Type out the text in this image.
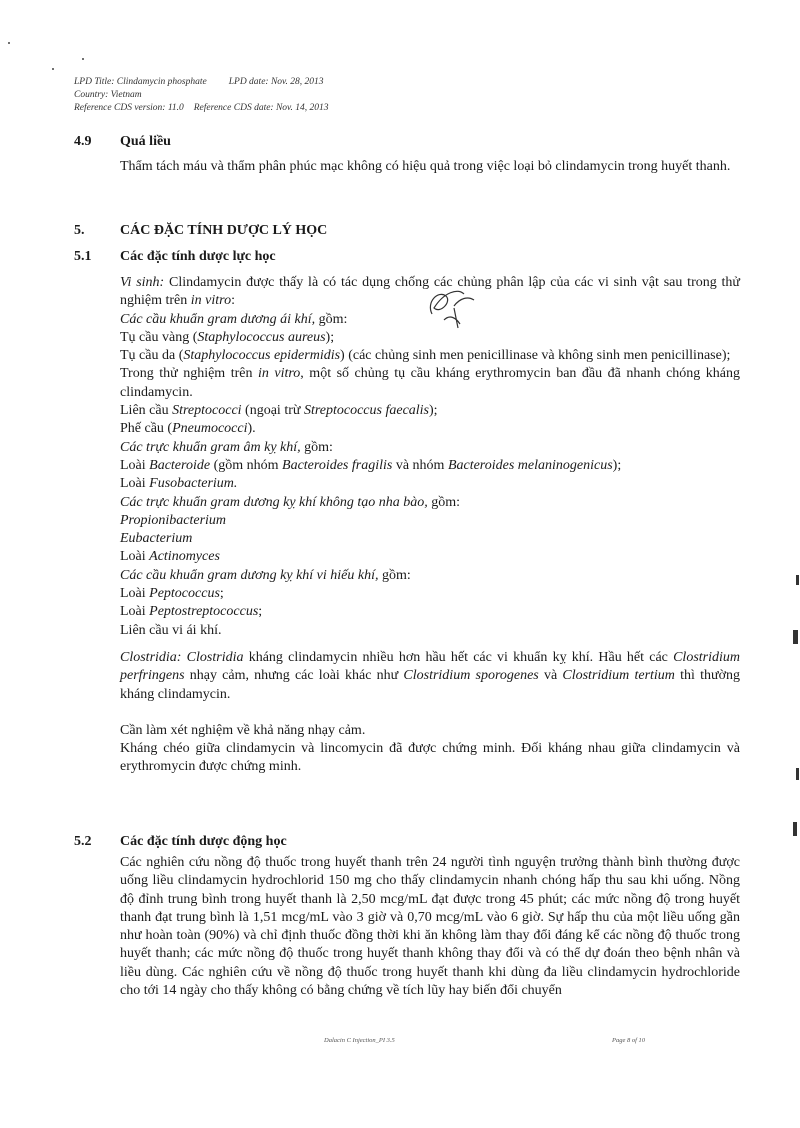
LPD Title: Clindamycin phosphate LPD date: Nov. 28, 2013
Country: Vietnam
Reference CDS version: 11.0 Reference CDS date: Nov. 14, 2013
4.9 Quá liều

Thẩm tách máu và thẩm phân phúc mạc không có hiệu quả trong việc loại bỏ clindamycin trong huyết thanh.

5.	CÁC ĐẶC TÍNH DƯỢC LÝ HỌC
5.1 Các đặc tính dược lực học

Vi sinh: Clindamycin được thấy là có tác dụng chống các chủng phân lập của các vi sinh vật sau trong thử nghiệm trên in vitro:

Các cầu khuẩn gram dương ái khí, gồm:

Tụ cầu vàng (Staphylococcus aureus);

Tụ cầu da (Staphylococcus epidermidis) (các chủng sinh men penicillinase và không sinh men penicillinase);

Trong thử nghiệm trên in vitro, một số chủng tụ cầu kháng erythromycin ban đầu đã nhanh chóng kháng clindamycin.

Liên cầu Streptococci (ngoại trừ Streptococcus faecalis);

Phế cầu (Pneumococci).

Các trực khuẩn gram âm kỵ khí, gồm:

Loài Bacteroide (gồm nhóm Bacteroides fragilis và nhóm Bacteroides melaninogenicus);

Loài Fusobacterium.

Các trực khuẩn gram dương kỵ khí không tạo nha bào, gồm:

Propionibacterium

Eubacterium

Loài Actinomyces

Các cầu khuẩn gram dương kỵ khí vi hiếu khí, gồm:

Loài Peptococcus;

Loài Peptostreptococcus;

Liên cầu vi ái khí.

Clostridia: Clostridia kháng clindamycin nhiều hơn hầu hết các vi khuẩn kỵ khí. Hầu hết các Clostridium perfringens nhạy cảm, nhưng các loài khác như Clostridium sporogenes và Clostridium tertium thì thường kháng clindamycin.

Cần làm xét nghiệm về khả năng nhạy cảm.

Kháng chéo giữa clindamycin và lincomycin đã được chứng minh. Đối kháng nhau giữa clindamycin và erythromycin được chứng minh.

5.2 Các đặc tính dược động học

Các nghiên cứu nồng độ thuốc trong huyết thanh trên 24 người tình nguyện trưởng thành bình thường được uống liều clindamycin hydrochlorid 150 mg cho thấy clindamycin nhanh chóng hấp thu sau khi uống. Nồng độ đỉnh trung bình trong huyết thanh là 2,50 mcg/mL đạt được trong 45 phút; các mức nồng độ trong huyết thanh đạt trung bình là 1,51 mcg/mL vào 3 giờ và 0,70 mcg/mL vào 6 giờ. Sự hấp thu của một liều uống gần như hoàn toàn (90%) và chỉ định thuốc đồng thời khi ăn không làm thay đổi đáng kể các nồng độ thuốc trong huyết thanh; các mức nồng độ thuốc trong huyết thanh không thay đổi và có thể dự đoán theo bệnh nhân và liều dùng. Các nghiên cứu về nồng độ thuốc trong huyết thanh khi dùng đa liều clindamycin hydrochloride cho tới 14 ngày cho thấy không có bằng chứng về tích lũy hay biến đổi chuyển

Dalacin C Injection_PI 3.5	Page 8 of 10
